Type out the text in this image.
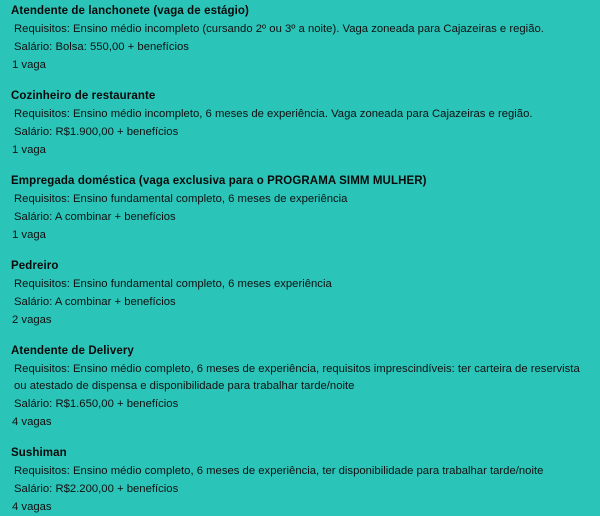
Atendente de lanchonete (vaga de estágio)
Requisitos: Ensino médio incompleto (cursando 2º ou 3º a noite). Vaga zoneada para Cajazeiras e região.
Salário: Bolsa: 550,00 + benefícios
1 vaga
Cozinheiro de restaurante
Requisitos: Ensino médio incompleto, 6 meses de experiência. Vaga zoneada para Cajazeiras e região.
Salário: R$1.900,00 + benefícios
1 vaga
Empregada doméstica (vaga exclusiva para o PROGRAMA SIMM MULHER)
Requisitos: Ensino fundamental completo, 6 meses de experiência
Salário: A combinar + benefícios
1 vaga
Pedreiro
Requisitos: Ensino fundamental completo, 6 meses experiência
Salário: A combinar + benefícios
2 vagas
Atendente de Delivery
Requisitos: Ensino médio completo, 6 meses de experiência, requisitos imprescindíveis: ter carteira de reservista ou atestado de dispensa e disponibilidade para trabalhar tarde/noite
Salário: R$1.650,00 + benefícios
4 vagas
Sushiman
Requisitos: Ensino médio completo, 6 meses de experiência, ter disponibilidade para trabalhar tarde/noite
Salário: R$2.200,00 + benefícios
4 vagas
